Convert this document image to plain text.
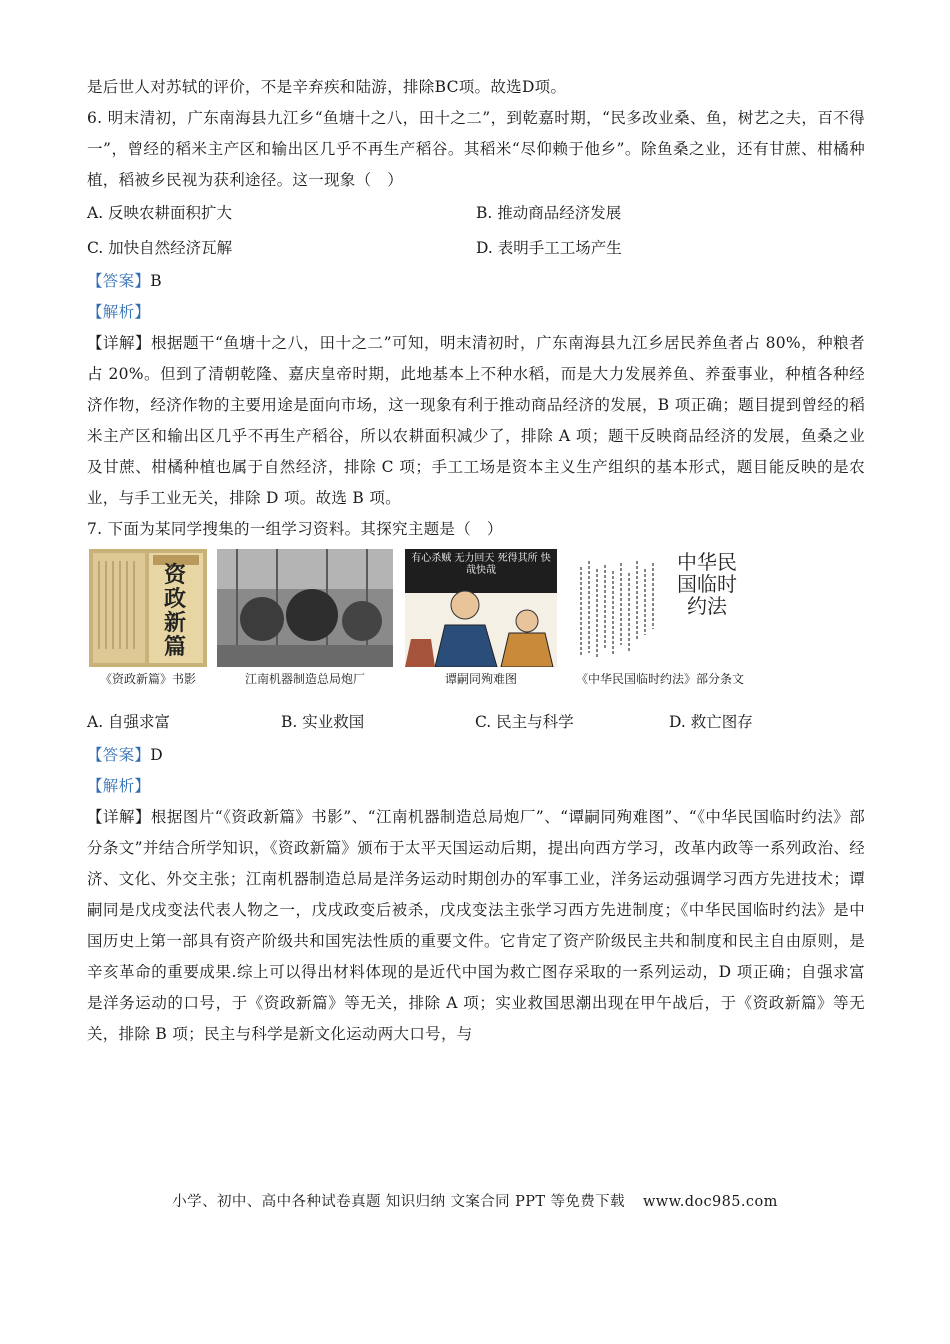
是后世人对苏轼的评价，不是辛弃疾和陆游，排除BC项。故选D项。

6. 明末清初，广东南海县九江乡“鱼塘十之八，田十之二”，到乾嘉时期，“民多改业桑、鱼，树艺之夫，百不得一”，曾经的稻米主产区和输出区几乎不再生产稻谷。其稻米“尽仰赖于他乡”。除鱼桑之业，还有甘蔗、柑橘种植，稻被乡民视为获利途径。这一现象（　）

A. 反映农耕面积扩大	B. 推动商品经济发展
C. 加快自然经济瓦解	D. 表明手工工场产生

【答案】B

【解析】

【详解】根据题干“鱼塘十之八，田十之二”可知，明末清初时，广东南海县九江乡居民养鱼者占 80%，种粮者占 20%。但到了清朝乾隆、嘉庆皇帝时期，此地基本上不种水稻，而是大力发展养鱼、养蚕事业，种植各种经济作物，经济作物的主要用途是面向市场，这一现象有利于推动商品经济的发展，B 项正确；题目提到曾经的稻米主产区和输出区几乎不再生产稻谷，所以农耕面积减少了，排除 A 项；题干反映商品经济的发展，鱼桑之业及甘蔗、柑橘种植也属于自然经济，排除 C 项；手工工场是资本主义生产组织的基本形式，题目能反映的是农业，与手工业无关，排除 D 项。故选 B 项。

7. 下面为某同学搜集的一组学习资料。其探究主题是（　）

《资政新篇》书影
资政新篇
江南机器制造总局炮厂
有心杀贼 无力回天 死得其所 快哉快哉
谭嗣同殉难图
中华民国临时约法
《中华民国临时约法》部分条文
A. 自强求富	B. 实业救国	C. 民主与科学	D. 救亡图存

【答案】D

【解析】

【详解】根据图片“《资政新篇》书影”、“江南机器制造总局炮厂”、“谭嗣同殉难图”、“《中华民国临时约法》部分条文”并结合所学知识，《资政新篇》颁布于太平天国运动后期，提出向西方学习，改革内政等一系列政治、经济、文化、外交主张；江南机器制造总局是洋务运动时期创办的军事工业，洋务运动强调学习西方先进技术；谭嗣同是戊戌变法代表人物之一，戊戌政变后被杀，戊戌变法主张学习西方先进制度；《中华民国临时约法》是中国历史上第一部具有资产阶级共和国宪法性质的重要文件。它肯定了资产阶级民主共和制度和民主自由原则，是辛亥革命的重要成果.综上可以得出材料体现的是近代中国为救亡图存采取的一系列运动，D 项正确；自强求富是洋务运动的口号，于《资政新篇》等无关，排除 A 项；实业救国思潮出现在甲午战后，于《资政新篇》等无关，排除 B 项；民主与科学是新文化运动两大口号，与

小学、初中、高中各种试卷真题 知识归纳 文案合同 PPT 等免费下载 www.doc985.com
